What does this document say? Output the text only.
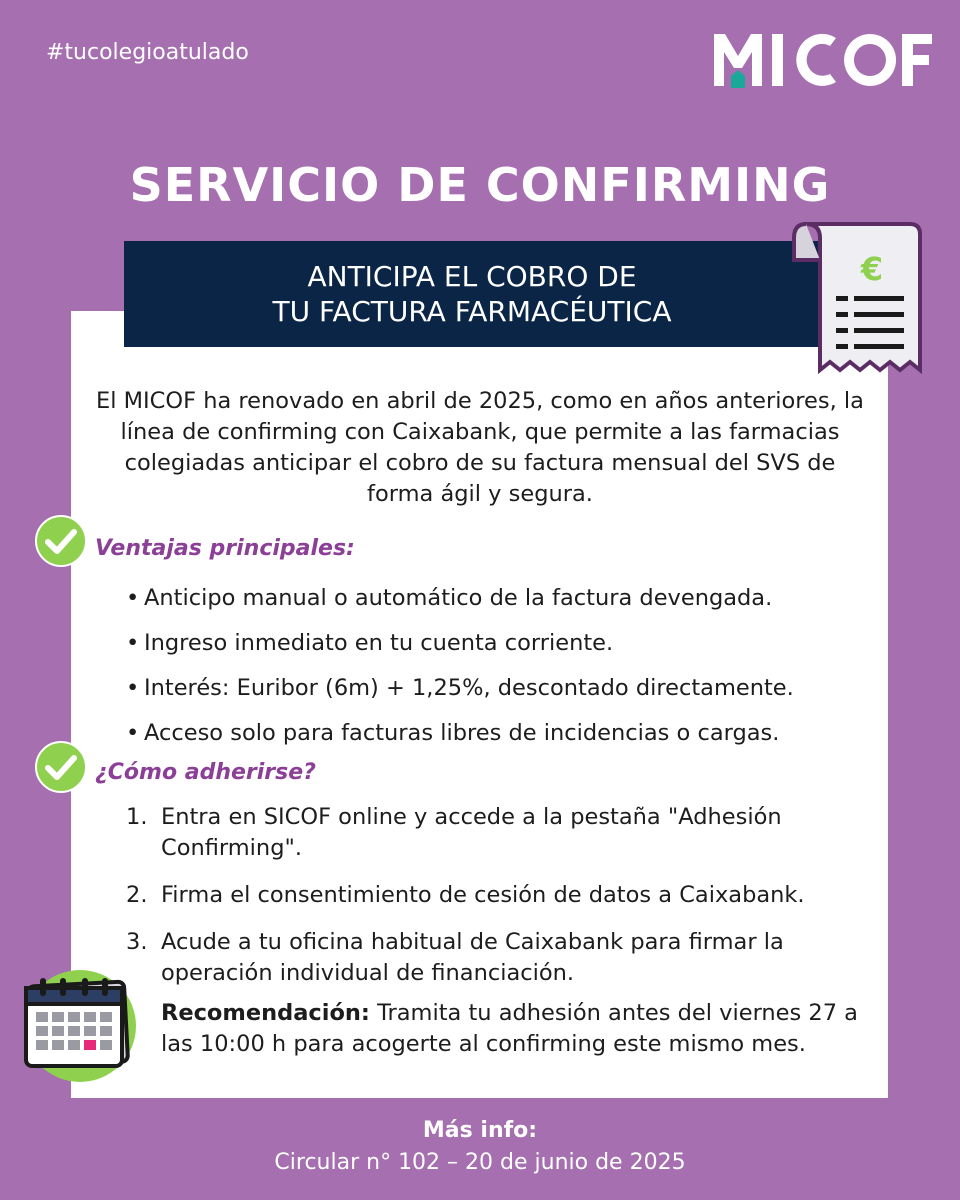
#tucolegioatulado
SERVICIO DE CONFIRMING
ANTICIPA EL COBRO DE
TU FACTURA FARMACÉUTICA
€

El MICOF ha renovado en abril de 2025, como en años anteriores, la línea de confirming con Caixabank, que permite a las farmacias colegiadas anticipar el cobro de su factura mensual del SVS de forma ágil y segura.

Ventajas principales:
• Anticipo manual o automático de la factura devengada.
• Ingreso inmediato en tu cuenta corriente.
• Interés: Euribor (6m) + 1,25%, descontado directamente.
• Acceso solo para facturas libres de incidencias o cargas.
¿Cómo adherirse?
1. Entra en SICOF online y accede a la pestaña "Adhesión Confirming".
2. Firma el consentimiento de cesión de datos a Caixabank.
3. Acude a tu oficina habitual de Caixabank para firmar la operación individual de financiación.

Recomendación: Tramita tu adhesión antes del viernes 27 a las 10:00 h para acogerte al confirming este mismo mes.

Más info:

Circular n° 102 – 20 de junio de 2025
